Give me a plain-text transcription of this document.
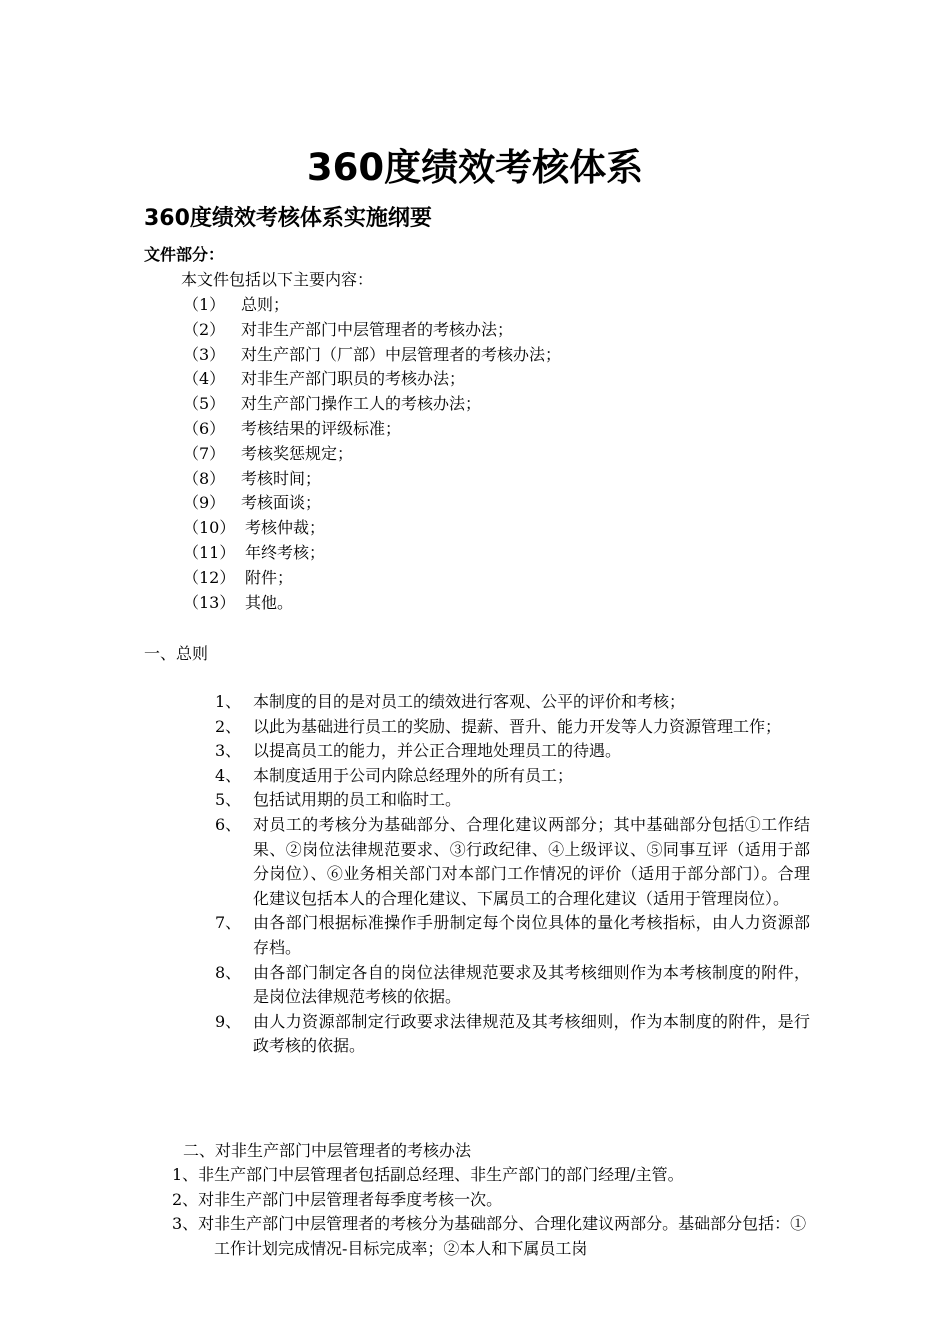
360度绩效考核体系
360度绩效考核体系实施纲要
文件部分：
本文件包括以下主要内容：
（1） 总则；
（2） 对非生产部门中层管理者的考核办法；
（3） 对生产部门（厂部）中层管理者的考核办法；
（4） 对非生产部门职员的考核办法；
（5） 对生产部门操作工人的考核办法；
（6） 考核结果的评级标准；
（7） 考核奖惩规定；
（8） 考核时间；
（9） 考核面谈；
（10） 考核仲裁；
（11） 年终考核；
（12） 附件；
（13） 其他。
一、总则
1、 本制度的目的是对员工的绩效进行客观、公平的评价和考核；
2、 以此为基础进行员工的奖励、提薪、晋升、能力开发等人力资源管理工作；
3、 以提高员工的能力，并公正合理地处理员工的待遇。
4、 本制度适用于公司内除总经理外的所有员工；
5、 包括试用期的员工和临时工。
6、 对员工的考核分为基础部分、合理化建议两部分；其中基础部分包括①工作结果、②岗位法律规范要求、③行政纪律、④上级评议、⑤同事互评（适用于部分岗位）、⑥业务相关部门对本部门工作情况的评价（适用于部分部门）。合理化建议包括本人的合理化建议、下属员工的合理化建议（适用于管理岗位）。
7、 由各部门根据标准操作手册制定每个岗位具体的量化考核指标，由人力资源部存档。
8、 由各部门制定各自的岗位法律规范要求及其考核细则作为本考核制度的附件，是岗位法律规范考核的依据。
9、 由人力资源部制定行政要求法律规范及其考核细则，作为本制度的附件，是行政考核的依据。
二、对非生产部门中层管理者的考核办法
1、非生产部门中层管理者包括副总经理、非生产部门的部门经理/主管。
2、对非生产部门中层管理者每季度考核一次。
3、对非生产部门中层管理者的考核分为基础部分、合理化建议两部分。基础部分包括：①工作计划完成情况-目标完成率；②本人和下属员工岗
